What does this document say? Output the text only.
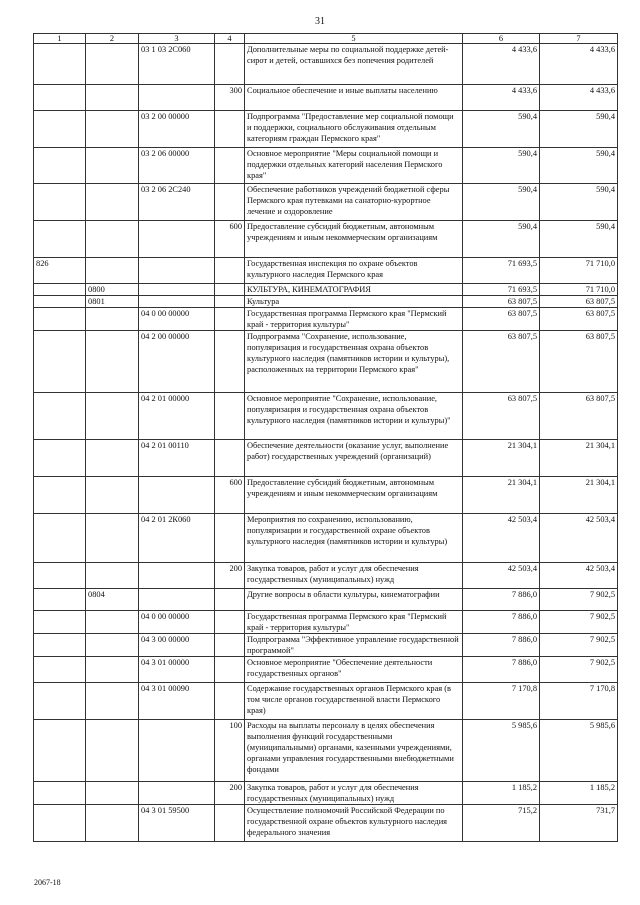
31
1	2	3	4	5	6	7
		03 1 03 2С060		Дополнительные меры по социальной поддержке детей-сирот и детей, оставшихся без попечения родителей	4 433,6	4 433,6
			300	Социальное обеспечение и иные выплаты населению	4 433,6	4 433,6
		03 2 00 00000		Подпрограмма "Предоставление мер социальной помощи и поддержки, социального обслуживания отдельным категориям граждан Пермского края"	590,4	590,4
		03 2 06 00000		Основное мероприятие "Меры социальной помощи и поддержки отдельных категорий населения Пермского края"	590,4	590,4
		03 2 06 2С240		Обеспечение работников учреждений бюджетной сферы Пермского края путевками на санаторно-курортное лечение и оздоровление	590,4	590,4
			600	Предоставление субсидий бюджетным, автономным учреждениям и иным некоммерческим организациям	590,4	590,4
826				Государственная инспекция по охране объектов культурного наследия Пермского края	71 693,5	71 710,0
	0800			КУЛЬТУРА, КИНЕМАТОГРАФИЯ	71 693,5	71 710,0
	0801			Культура	63 807,5	63 807,5
		04 0 00 00000		Государственная программа Пермского края "Пермский край - территория культуры"	63 807,5	63 807,5
		04 2 00 00000		Подпрограмма "Сохранение, использование, популяризация и государственная охрана объектов культурного наследия (памятников истории и культуры), расположенных на территории Пермского края"	63 807,5	63 807,5
		04 2 01 00000		Основное мероприятие "Сохранение, использование, популяризация и государственная охрана объектов культурного наследия (памятников истории и культуры)"	63 807,5	63 807,5
		04 2 01 00110		Обеспечение деятельности (оказание услуг, выполнение работ) государственных учреждений (организаций)	21 304,1	21 304,1
			600	Предоставление субсидий бюджетным, автономным учреждениям и иным некоммерческим организациям	21 304,1	21 304,1
		04 2 01 2К060		Мероприятия по сохранению, использованию, популяризации и государственной охране объектов культурного наследия (памятников истории и культуры)	42 503,4	42 503,4
			200	Закупка товаров, работ и услуг для обеспечения государственных (муниципальных) нужд	42 503,4	42 503,4
	0804			Другие вопросы в области культуры, кинематографии	7 886,0	7 902,5
		04 0 00 00000		Государственная программа Пермского края "Пермский край - территория культуры"	7 886,0	7 902,5
		04 3 00 00000		Подпрограмма "Эффективное управление государственной программой"	7 886,0	7 902,5
		04 3 01 00000		Основное мероприятие "Обеспечение деятельности государственных органов"	7 886,0	7 902,5
		04 3 01 00090		Содержание государственных органов Пермского края (в том числе органов государственной власти Пермского края)	7 170,8	7 170,8
			100	Расходы на выплаты персоналу в целях обеспечения выполнения функций государственными (муниципальными) органами, казенными учреждениями, органами управления государственными внебюджетными фондами	5 985,6	5 985,6
			200	Закупка товаров, работ и услуг для обеспечения государственных (муниципальных) нужд	1 185,2	1 185,2
		04 3 01 59500		Осуществление полномочий Российской Федерации по государственной охране объектов культурного наследия федерального значения	715,2	731,7
2067-18
